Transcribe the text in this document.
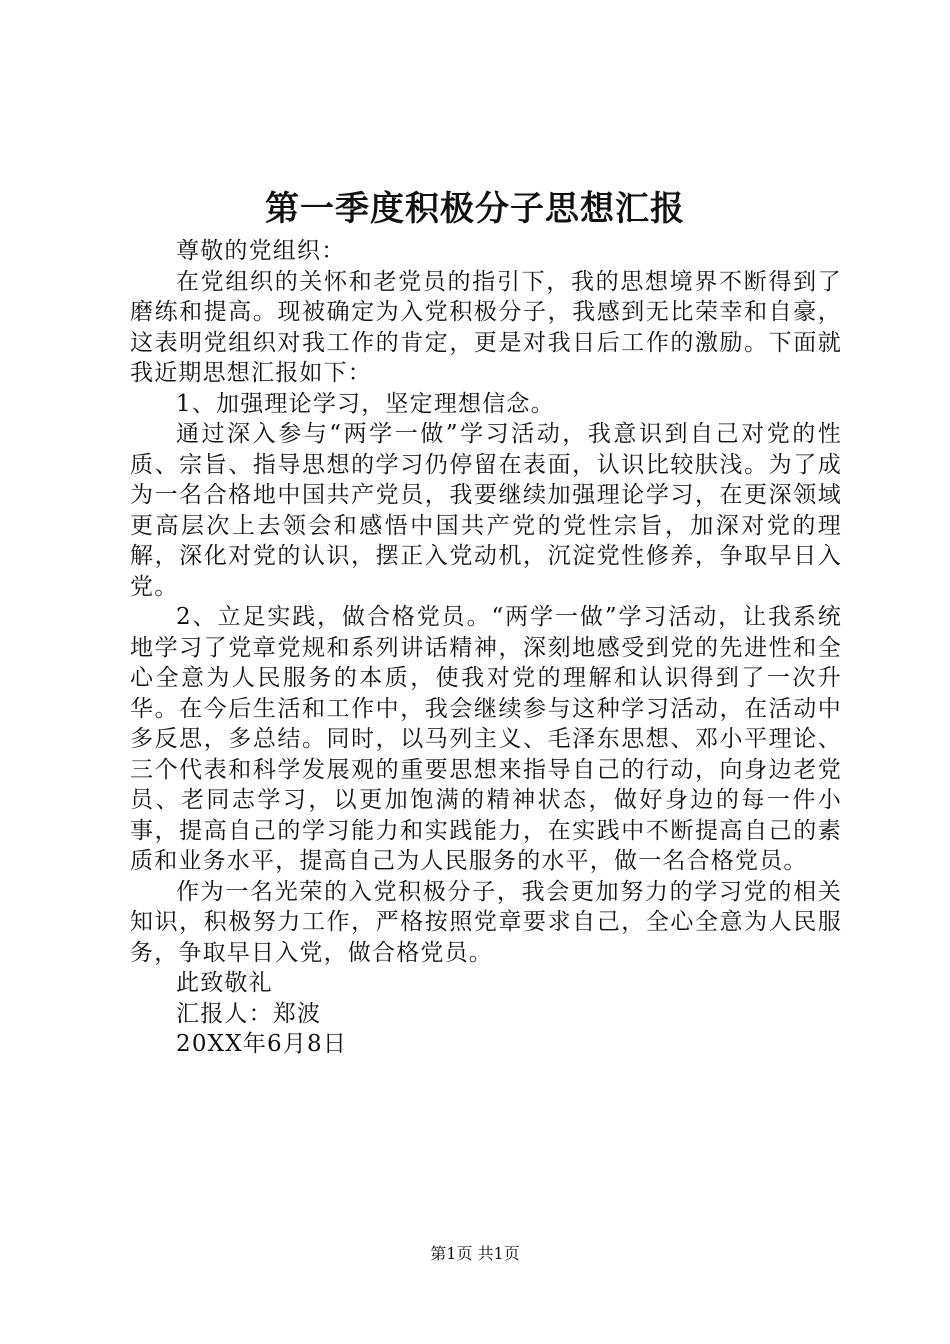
第一季度积极分子思想汇报

尊敬的党组织：

在党组织的关怀和老党员的指引下，我的思想境界不断得到了磨练和提高。现被确定为入党积极分子，我感到无比荣幸和自豪，这表明党组织对我工作的肯定，更是对我日后工作的激励。下面就我近期思想汇报如下：

1、加强理论学习，坚定理想信念。

通过深入参与“两学一做”学习活动，我意识到自己对党的性质、宗旨、指导思想的学习仍停留在表面，认识比较肤浅。为了成为一名合格地中国共产党员，我要继续加强理论学习，在更深领域更高层次上去领会和感悟中国共产党的党性宗旨，加深对党的理解，深化对党的认识，摆正入党动机，沉淀党性修养，争取早日入党。

2、立足实践，做合格党员。“两学一做”学习活动，让我系统地学习了党章党规和系列讲话精神，深刻地感受到党的先进性和全心全意为人民服务的本质，使我对党的理解和认识得到了一次升华。在今后生活和工作中，我会继续参与这种学习活动，在活动中多反思，多总结。同时，以马列主义、毛泽东思想、邓小平理论、三个代表和科学发展观的重要思想来指导自己的行动，向身边老党员、老同志学习，以更加饱满的精神状态，做好身边的每一件小事，提高自己的学习能力和实践能力，在实践中不断提高自己的素质和业务水平，提高自己为人民服务的水平，做一名合格党员。

作为一名光荣的入党积极分子，我会更加努力的学习党的相关知识，积极努力工作，严格按照党章要求自己，全心全意为人民服务，争取早日入党，做合格党员。

此致敬礼

汇报人：郑波

20XX年6月8日

第1页 共1页
